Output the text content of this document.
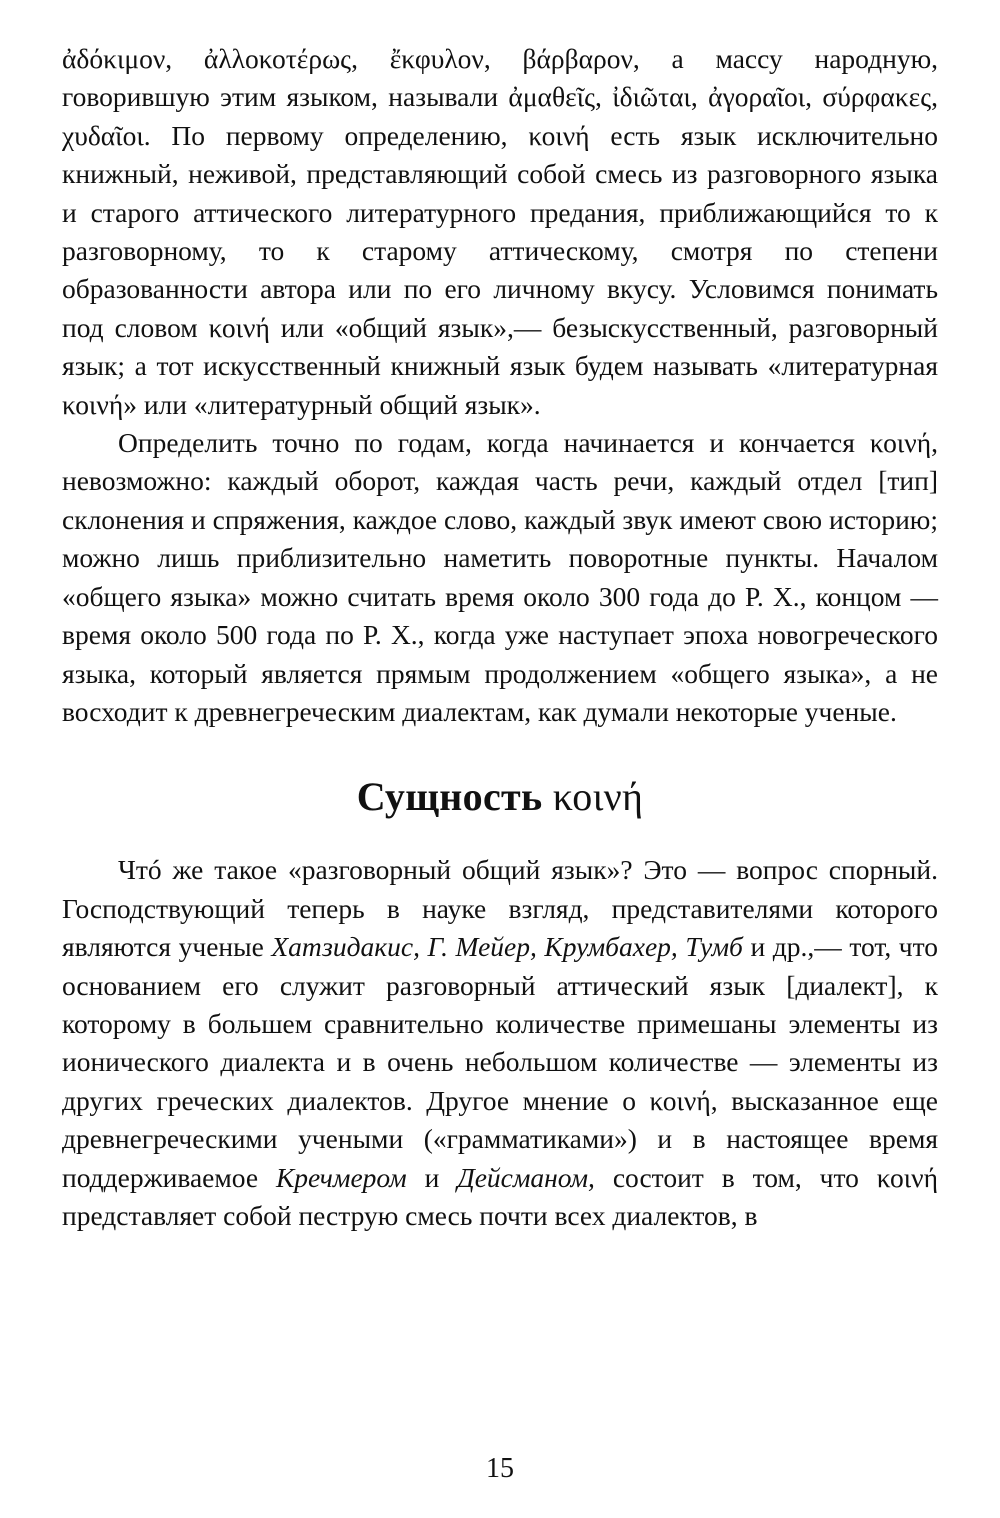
ἀδόκιμον, ἀλλοκοτέρως, ἔκφυλον, βάρβαρον, а массу народную, говорившую этим языком, называли ἀμαθεῖς, ἰδιῶται, ἀγοραῖοι, σύρφακες, χυδαῖοι. По первому определению, κοινή есть язык исключительно книжный, неживой, представляющий собой смесь из разговорного языка и старого аттического литературного предания, приближающийся то к разговорному, то к старому аттическому, смотря по степени образованности автора или по его личному вкусу. Условимся понимать под словом κοινή или «общий язык»,— безыскусственный, разговорный язык; а тот искусственный книжный язык будем называть «литературная κοινή» или «литературный общий язык».

Определить точно по годам, когда начинается и кончается κοινή, невозможно: каждый оборот, каждая часть речи, каждый отдел [тип] склонения и спряжения, каждое слово, каждый звук имеют свою историю; можно лишь приблизительно наметить поворотные пункты. Началом «общего языка» можно считать время около 300 года до Р. Х., концом — время около 500 года по Р. Х., когда уже наступает эпоха новогреческого языка, который является прямым продолжением «общего языка», а не восходит к древнегреческим диалектам, как думали некоторые ученые.

Сущность κοινή

Чтó же такое «разговорный общий язык»? Это — вопрос спорный. Господствующий теперь в науке взгляд, представителями которого являются ученые Хатзидакис, Г. Мейер, Крумбахер, Тумб и др.,— тот, что основанием его служит разговорный аттический язык [диалект], к которому в большем сравнительно количестве примешаны элементы из ионического диалекта и в очень небольшом количестве — элементы из других греческих диалектов. Другое мнение о κοινή, высказанное еще древнегреческими учеными («грамматиками») и в настоящее время поддерживаемое Кречмером и Дейсманом, состоит в том, что κοινή представляет собой пеструю смесь почти всех диалектов, в

15
